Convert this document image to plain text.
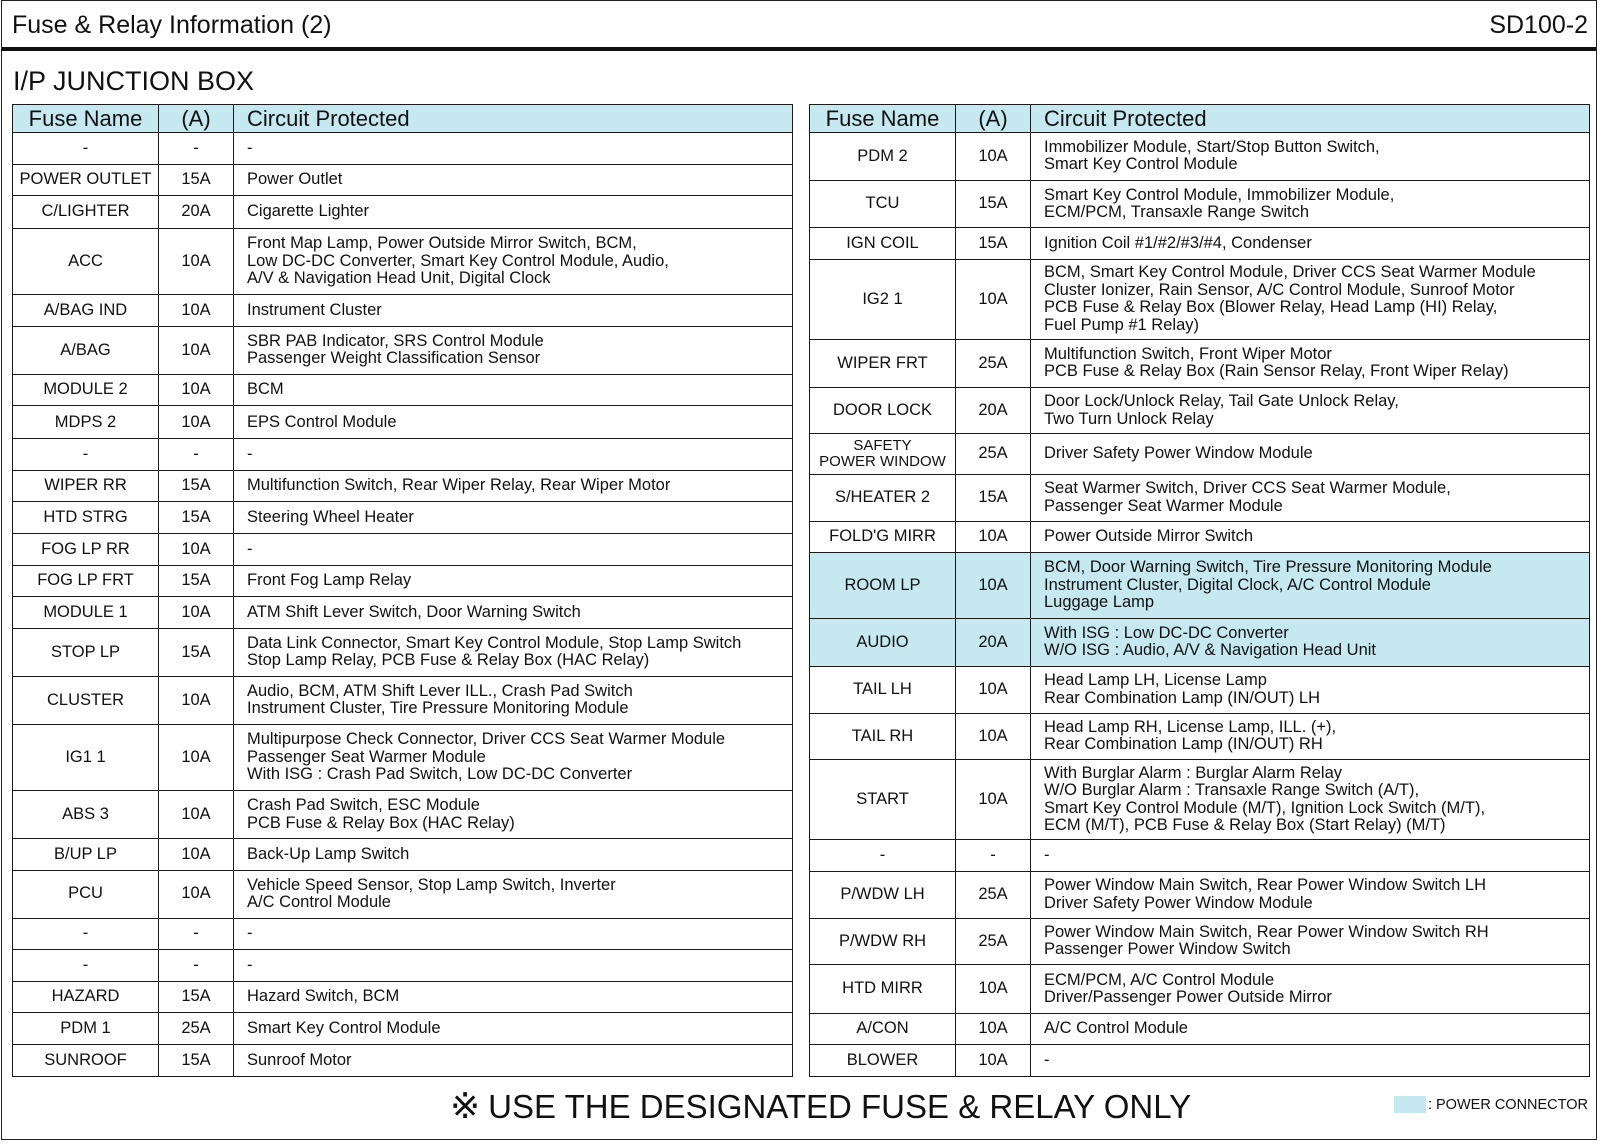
Fuse & Relay Information (2)	SD100-2
I/P JUNCTION BOX
Fuse Name	(A)	Circuit Protected
-	-	-
POWER OUTLET	15A	Power Outlet
C/LIGHTER	20A	Cigarette Lighter
ACC	10A	Front Map Lamp, Power Outside Mirror Switch, BCM,
Low DC-DC Converter, Smart Key Control Module, Audio,
A/V & Navigation Head Unit, Digital Clock
A/BAG IND	10A	Instrument Cluster
A/BAG	10A	SBR PAB Indicator, SRS Control Module
Passenger Weight Classification Sensor
MODULE 2	10A	BCM
MDPS 2	10A	EPS Control Module
-	-	-
WIPER RR	15A	Multifunction Switch, Rear Wiper Relay, Rear Wiper Motor
HTD STRG	15A	Steering Wheel Heater
FOG LP RR	10A	-
FOG LP FRT	15A	Front Fog Lamp Relay
MODULE 1	10A	ATM Shift Lever Switch, Door Warning Switch
STOP LP	15A	Data Link Connector, Smart Key Control Module, Stop Lamp Switch
Stop Lamp Relay, PCB Fuse & Relay Box (HAC Relay)
CLUSTER	10A	Audio, BCM, ATM Shift Lever ILL., Crash Pad Switch
Instrument Cluster, Tire Pressure Monitoring Module
IG1 1	10A	Multipurpose Check Connector, Driver CCS Seat Warmer Module
Passenger Seat Warmer Module
With ISG : Crash Pad Switch, Low DC-DC Converter
ABS 3	10A	Crash Pad Switch, ESC Module
PCB Fuse & Relay Box (HAC Relay)
B/UP LP	10A	Back-Up Lamp Switch
PCU	10A	Vehicle Speed Sensor, Stop Lamp Switch, Inverter
A/C Control Module
-	-	-
-	-	-
HAZARD	15A	Hazard Switch, BCM
PDM 1	25A	Smart Key Control Module
SUNROOF	15A	Sunroof Motor
Fuse Name	(A)	Circuit Protected
PDM 2	10A	Immobilizer Module, Start/Stop Button Switch,
Smart Key Control Module
TCU	15A	Smart Key Control Module, Immobilizer Module,
ECM/PCM, Transaxle Range Switch
IGN COIL	15A	Ignition Coil #1/#2/#3/#4, Condenser
IG2 1	10A	BCM, Smart Key Control Module, Driver CCS Seat Warmer Module
Cluster Ionizer, Rain Sensor, A/C Control Module, Sunroof Motor
PCB Fuse & Relay Box (Blower Relay, Head Lamp (HI) Relay,
Fuel Pump #1 Relay)
WIPER FRT	25A	Multifunction Switch, Front Wiper Motor
PCB Fuse & Relay Box (Rain Sensor Relay, Front Wiper Relay)
DOOR LOCK	20A	Door Lock/Unlock Relay, Tail Gate Unlock Relay,
Two Turn Unlock Relay
SAFETY
POWER WINDOW	25A	Driver Safety Power Window Module
S/HEATER 2	15A	Seat Warmer Switch, Driver CCS Seat Warmer Module,
Passenger Seat Warmer Module
FOLD'G MIRR	10A	Power Outside Mirror Switch
ROOM LP	10A	BCM, Door Warning Switch, Tire Pressure Monitoring Module
Instrument Cluster, Digital Clock, A/C Control Module
Luggage Lamp
AUDIO	20A	With ISG : Low DC-DC Converter
W/O ISG : Audio, A/V & Navigation Head Unit
TAIL LH	10A	Head Lamp LH, License Lamp
Rear Combination Lamp (IN/OUT) LH
TAIL RH	10A	Head Lamp RH, License Lamp, ILL. (+),
Rear Combination Lamp (IN/OUT) RH
START	10A	With Burglar Alarm : Burglar Alarm Relay
W/O Burglar Alarm : Transaxle Range Switch (A/T),
Smart Key Control Module (M/T), Ignition Lock Switch (M/T),
ECM (M/T), PCB Fuse & Relay Box (Start Relay) (M/T)
-	-	-
P/WDW LH	25A	Power Window Main Switch, Rear Power Window Switch LH
Driver Safety Power Window Module
P/WDW RH	25A	Power Window Main Switch, Rear Power Window Switch RH
Passenger Power Window Switch
HTD MIRR	10A	ECM/PCM, A/C Control Module
Driver/Passenger Power Outside Mirror
A/CON	10A	A/C Control Module
BLOWER	10A	-
※ USE THE DESIGNATED FUSE & RELAY ONLY	: POWER CONNECTOR
